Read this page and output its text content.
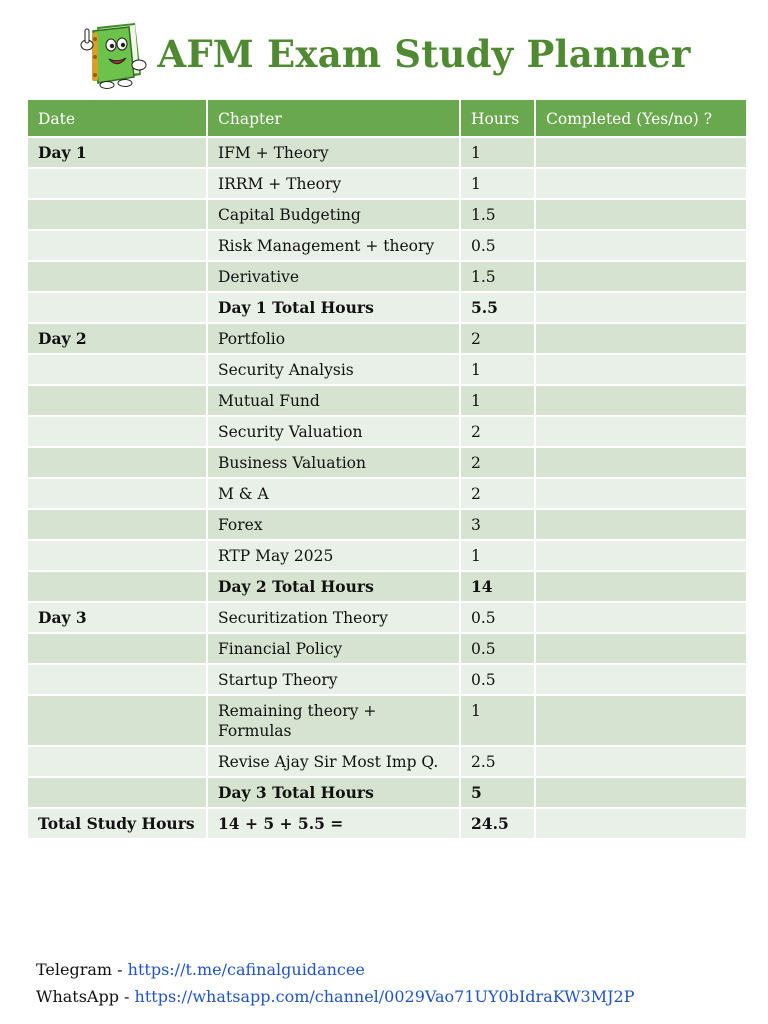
AFM Exam Study Planner
Date	Chapter	Hours	Completed (Yes/no) ?
Day 1	IFM + Theory	1	
	IRRM + Theory	1	
	Capital Budgeting	1.5	
	Risk Management + theory	0.5	
	Derivative	1.5	
	Day 1 Total Hours	5.5	
Day 2	Portfolio	2	
	Security Analysis	1	
	Mutual Fund	1	
	Security Valuation	2	
	Business Valuation	2	
	M & A	2	
	Forex	3	
	RTP May 2025	1	
	Day 2 Total Hours	14	
Day 3	Securitization Theory	0.5	
	Financial Policy	0.5	
	Startup Theory	0.5	
	Remaining theory + Formulas	1	
	Revise Ajay Sir Most Imp Q.	2.5	
	Day 3 Total Hours	5	
Total Study Hours	14 + 5 + 5.5 =	24.5	
Telegram - https://t.me/cafinalguidancee
WhatsApp - https://whatsapp.com/channel/0029Vao71UY0bIdraKW3MJ2P
